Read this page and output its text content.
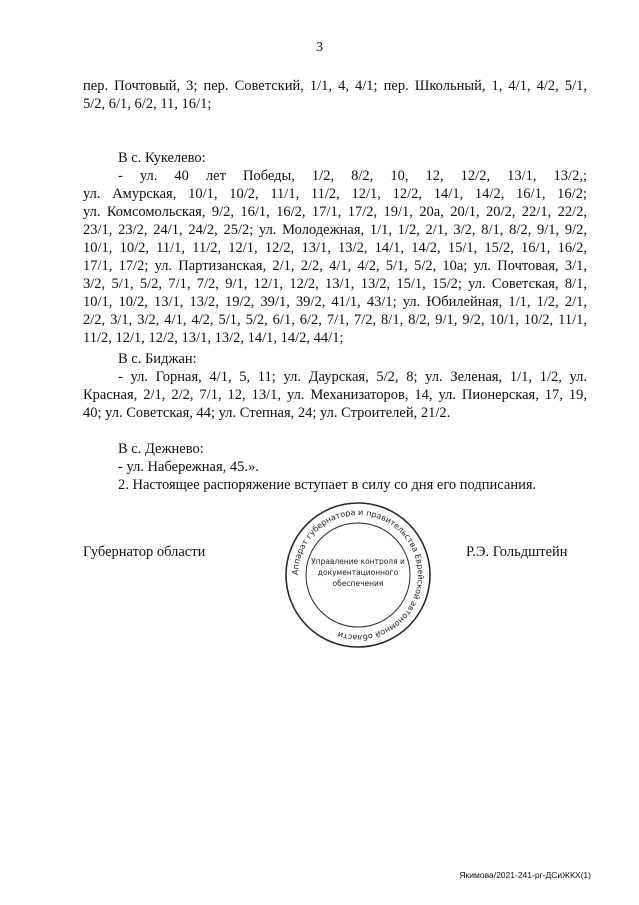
3
пер. Почтовый, 3; пер. Советский, 1/1, 4, 4/1; пер. Школьный, 1, 4/1, 4/2, 5/1,
5/2, 6/1, 6/2, 11, 16/1;
В с. Кукелево:
- ул. 40 лет Победы, 1/2, 8/2, 10, 12, 12/2, 13/1, 13/2,;
ул. Амурская, 10/1, 10/2, 11/1, 11/2, 12/1, 12/2, 14/1, 14/2, 16/1, 16/2;
ул. Комсомольская, 9/2, 16/1, 16/2, 17/1, 17/2, 19/1, 20а, 20/1, 20/2, 22/1, 22/2,
23/1, 23/2, 24/1, 24/2, 25/2; ул. Молодежная, 1/1, 1/2, 2/1, 3/2, 8/1, 8/2, 9/1, 9/2,
10/1, 10/2, 11/1, 11/2, 12/1, 12/2, 13/1, 13/2, 14/1, 14/2, 15/1, 15/2, 16/1, 16/2,
17/1, 17/2; ул. Партизанская, 2/1, 2/2, 4/1, 4/2, 5/1, 5/2, 10а; ул. Почтовая, 3/1,
3/2, 5/1, 5/2, 7/1, 7/2, 9/1, 12/1, 12/2, 13/1, 13/2, 15/1, 15/2; ул. Советская, 8/1,
10/1, 10/2, 13/1, 13/2, 19/2, 39/1, 39/2, 41/1, 43/1; ул. Юбилейная, 1/1, 1/2, 2/1,
2/2, 3/1, 3/2, 4/1, 4/2, 5/1, 5/2, 6/1, 6/2, 7/1, 7/2, 8/1, 8/2, 9/1, 9/2, 10/1, 10/2, 11/1,
11/2, 12/1, 12/2, 13/1, 13/2, 14/1, 14/2, 44/1;
В с. Биджан:
- ул. Горная, 4/1, 5, 11; ул. Даурская, 5/2, 8; ул. Зеленая, 1/1, 1/2, ул.
Красная, 2/1, 2/2, 7/1, 12, 13/1, ул. Механизаторов, 14, ул. Пионерская, 17, 19,
40; ул. Советская, 44; ул. Степная, 24; ул. Строителей, 21/2.
В с. Дежнево:
- ул. Набережная, 45.».
2. Настоящее распоряжение вступает в силу со дня его подписания.
Губернатор области	Р.Э. Гольдштейн
Аппарат губернатора и правительства Еврейской автономной области
Управление контроля и
документационного
обеспечения
Якимова/2021-241-рг-ДСиЖКХ(1)
